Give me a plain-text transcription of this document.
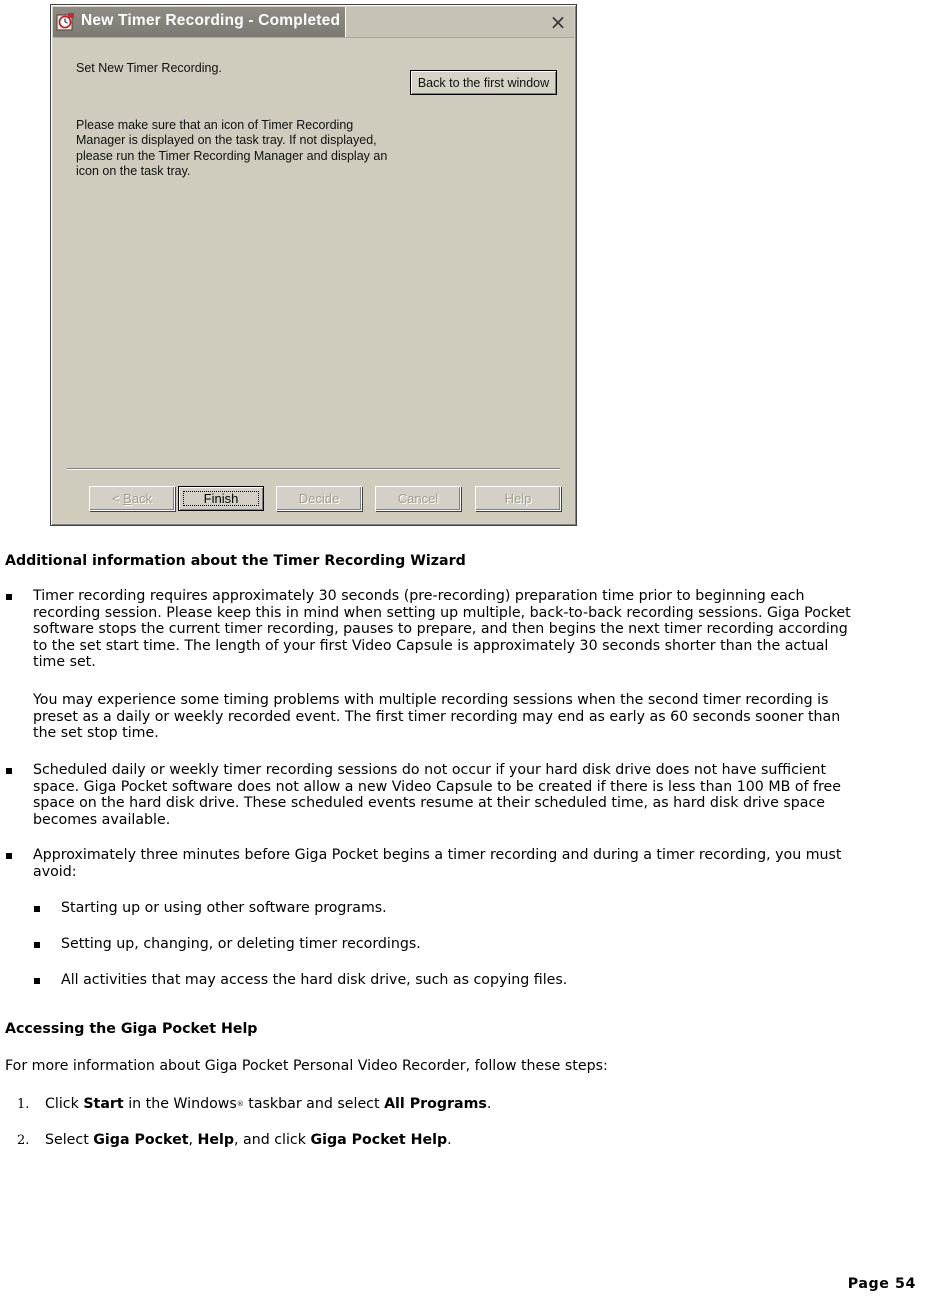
New Timer Recording - Completed	×
Set New Timer Recording.
Back to the first window
Please make sure that an icon of Timer Recording
Manager is displayed on the task tray. If not displayed,
please run the Timer Recording Manager and display an
icon on the task tray.
< B ack	Finish	Decide	Cancel	Help
Additional information about the Timer Recording Wizard
Timer recording requires approximately 30 seconds (pre-recording) preparation time prior to beginning each
recording session. Please keep this in mind when setting up multiple, back-to-back recording sessions. Giga Pocket
software stops the current timer recording, pauses to prepare, and then begins the next timer recording according
to the set start time. The length of your first Video Capsule is approximately 30 seconds shorter than the actual
time set.
You may experience some timing problems with multiple recording sessions when the second timer recording is
preset as a daily or weekly recorded event. The first timer recording may end as early as 60 seconds sooner than
the set stop time.
Scheduled daily or weekly timer recording sessions do not occur if your hard disk drive does not have sufficient
space. Giga Pocket software does not allow a new Video Capsule to be created if there is less than 100 MB of free
space on the hard disk drive. These scheduled events resume at their scheduled time, as hard disk drive space
becomes available.
Approximately three minutes before Giga Pocket begins a timer recording and during a timer recording, you must
avoid:
Starting up or using other software programs.
Setting up, changing, or deleting timer recordings.
All activities that may access the hard disk drive, such as copying files.
Accessing the Giga Pocket Help
For more information about Giga Pocket Personal Video Recorder, follow these steps:
1. Click Start in the Windows® taskbar and select All Programs.
2. Select Giga Pocket, Help, and click Giga Pocket Help.
Page 54
